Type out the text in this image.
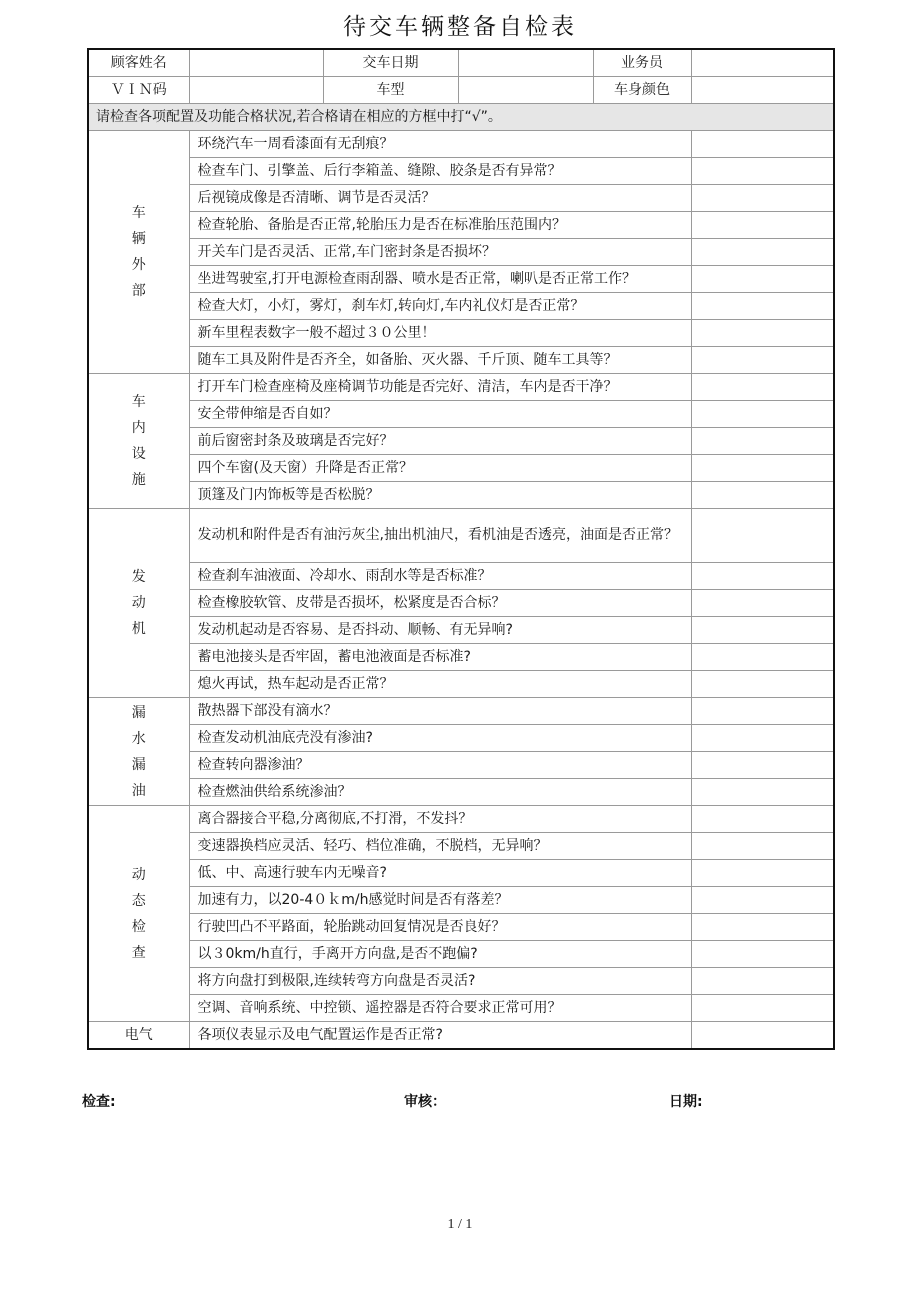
待交车辆整备自检表
顾客姓名		交车日期		业务员	
ＶＩＮ码		车型		车身颜色	
请检查各项配置及功能合格状况,若合格请在相应的方框中打“√”。					

车
辆
外
部	环绕汽车一周看漆面有无刮痕？				
	检查车门、引擎盖、后行李箱盖、缝隙、胶条是否有异常？				
	后视镜成像是否清晰、调节是否灵活？				
	检查轮胎、备胎是否正常,轮胎压力是否在标准胎压范围内？				
	开关车门是否灵活、正常,车门密封条是否损坏？				
	坐进驾驶室,打开电源检查雨刮器、喷水是否正常，喇叭是否正常工作？				
	检查大灯，小灯，雾灯，刹车灯,转向灯,车内礼仪灯是否正常？				
	新车里程表数字一般不超过３０公里！				
	随车工具及附件是否齐全，如备胎、灭火器、千斤顶、随车工具等？				

车
内
设
施	打开车门检查座椅及座椅调节功能是否完好、清洁，车内是否干净？				
	安全带伸缩是否自如？				
	前后窗密封条及玻璃是否完好？				
	四个车窗(及天窗）升降是否正常？				
	顶篷及门内饰板等是否松脱？				

发
动
机	发动机和附件是否有油污灰尘,抽出机油尺，看机油是否透亮，油面是否正常？				
	检查刹车油液面、冷却水、雨刮水等是否标准？				
	检查橡胶软管、皮带是否损坏，松紧度是否合标？				
	发动机起动是否容易、是否抖动、顺畅、有无异响?				
	蓄电池接头是否牢固，蓄电池液面是否标准?				
	熄火再试，热车起动是否正常？				

漏
水
漏
油	散热器下部没有滴水？				
	检查发动机油底壳没有渗油?				
	检查转向器渗油？				
	检查燃油供给系统渗油？				

动
态
检
查	离合器接合平稳,分离彻底,不打滑，不发抖？				
	变速器换档应灵活、轻巧、档位准确，不脱档，无异响？				
	低、中、高速行驶车内无噪音?				
	加速有力，以20-4０ｋm/h感觉时间是否有落差？				
	行驶凹凸不平路面，轮胎跳动回复情况是否良好？				
	以３0km/h直行，手离开方向盘,是否不跑偏?				
	将方向盘打到极限,连续转弯方向盘是否灵活?				
	空调、音响系统、中控锁、遥控器是否符合要求正常可用？				
电气	各项仪表显示及电气配置运作是否正常?				
检查:	审核：	日期:
1 / 1
